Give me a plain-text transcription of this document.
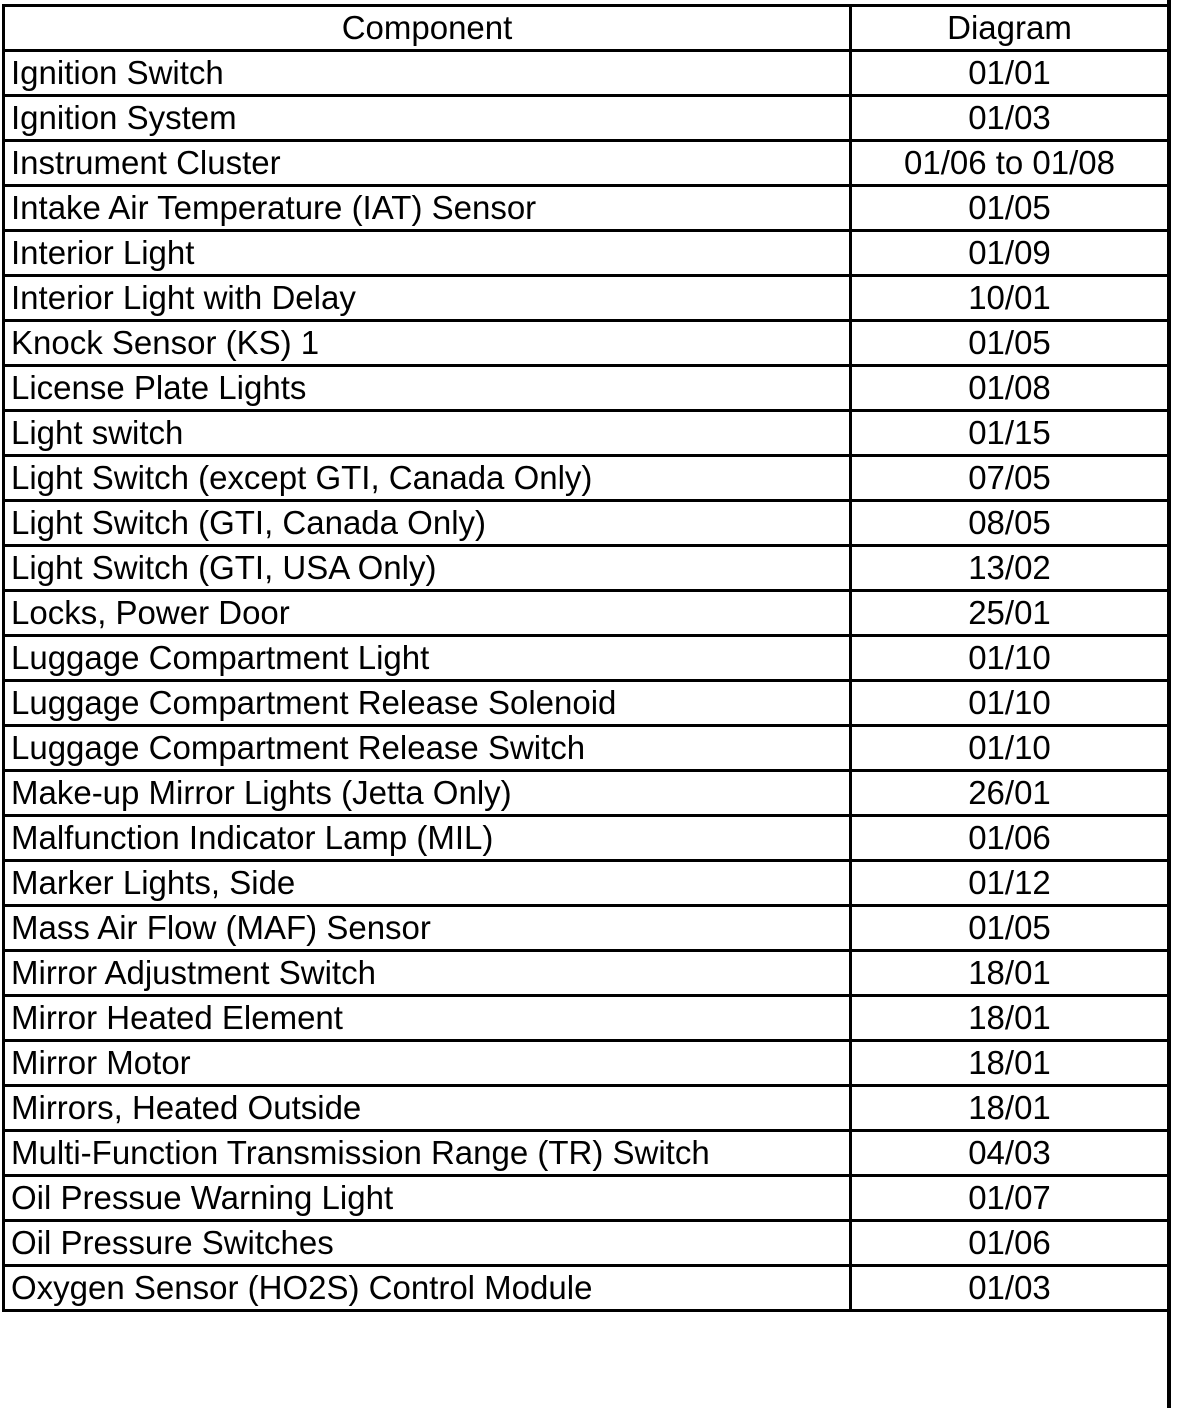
Component	Diagram
Ignition Switch	01/01
Ignition System	01/03
Instrument Cluster	01/06 to 01/08
Intake Air Temperature (IAT) Sensor	01/05
Interior Light	01/09
Interior Light with Delay	10/01
Knock Sensor (KS) 1	01/05
License Plate Lights	01/08
Light switch	01/15
Light Switch (except GTI, Canada Only)	07/05
Light Switch (GTI, Canada Only)	08/05
Light Switch (GTI, USA Only)	13/02
Locks, Power Door	25/01
Luggage Compartment Light	01/10
Luggage Compartment Release Solenoid	01/10
Luggage Compartment Release Switch	01/10
Make-up Mirror Lights (Jetta Only)	26/01
Malfunction Indicator Lamp (MIL)	01/06
Marker Lights, Side	01/12
Mass Air Flow (MAF) Sensor	01/05
Mirror Adjustment Switch	18/01
Mirror Heated Element	18/01
Mirror Motor	18/01
Mirrors, Heated Outside	18/01
Multi-Function Transmission Range (TR) Switch	04/03
Oil Pressue Warning Light	01/07
Oil Pressure Switches	01/06
Oxygen Sensor (HO2S) Control Module	01/03
